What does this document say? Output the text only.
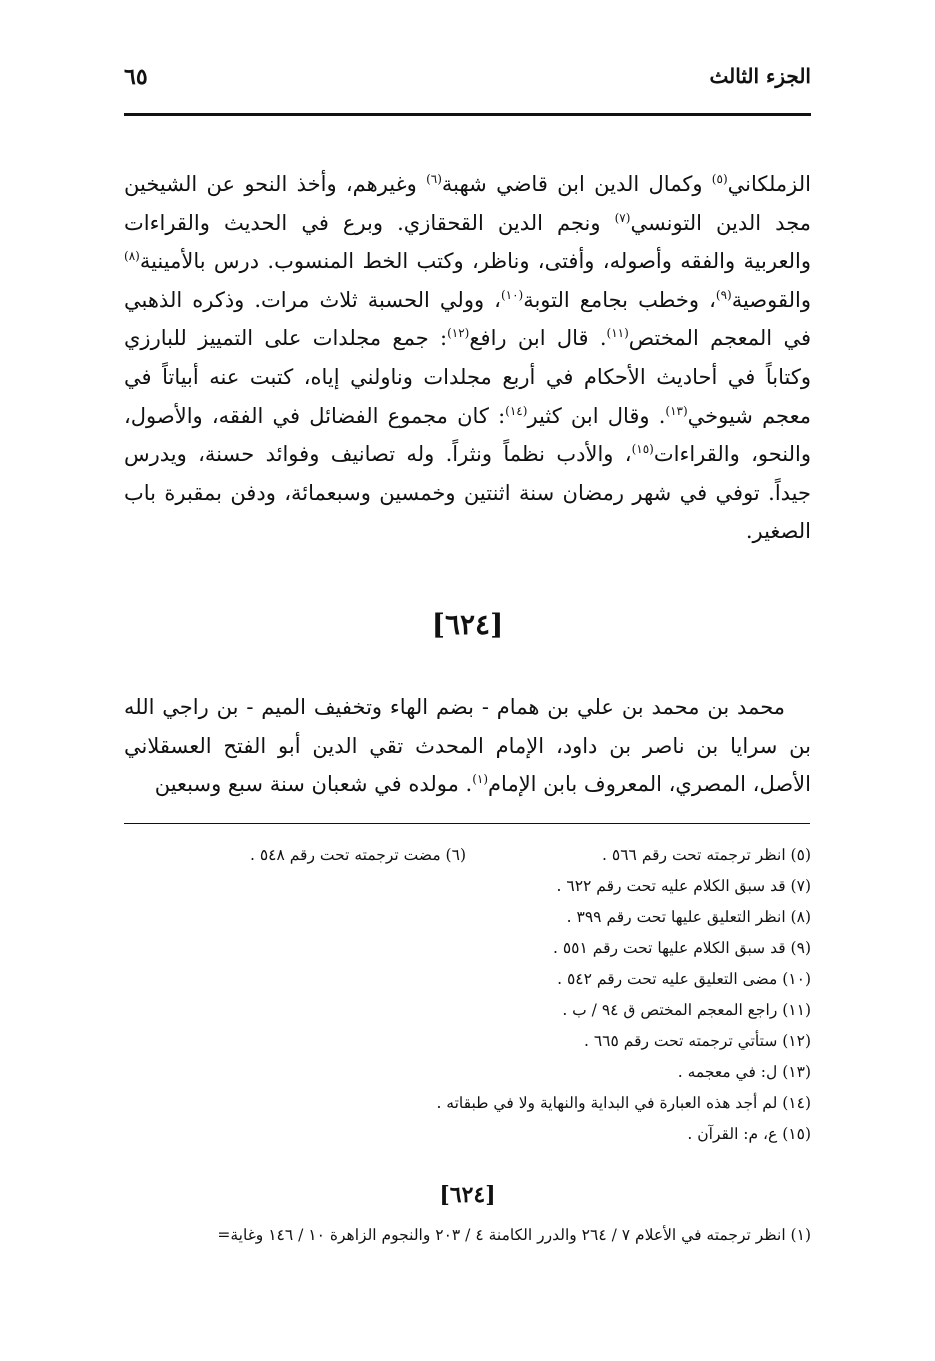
الجزء الثالث
٦٥

الزملكاني$^{(٥)}$ وكمال الدين ابن قاضي شهبة$^{(٦)}$ وغيرهم، وأخذ النحو عن الشيخين مجد الدين التونسي$^{(٧)}$ ونجم الدين القحقازي. وبرع في الحديث والقراءات والعربية والفقه وأصوله، وأفتى، وناظر، وكتب الخط المنسوب. درس بالأمينية$^{(٨)}$ والقوصية$^{(٩)}$، وخطب بجامع التوبة$^{(١٠)}$، وولي الحسبة ثلاث مرات. وذكره الذهبي في المعجم المختص$^{(١١)}$. قال ابن رافع$^{(١٢)}$: جمع مجلدات على التمييز للبارزي وكتاباً في أحاديث الأحكام في أربع مجلدات وناولني إياه، كتبت عنه أبياتاً في معجم شيوخي$^{(١٣)}$. وقال ابن كثير$^{(١٤)}$: كان مجموع الفضائل في الفقه، والأصول، والنحو، والقراءات$^{(١٥)}$، والأدب نظماً ونثراً. وله تصانيف وفوائد حسنة، ويدرس جيداً. توفي في شهر رمضان سنة اثنتين وخمسين وسبعمائة، ودفن بمقبرة باب الصغير.

[٦٢٤]

محمد بن محمد بن علي بن همام - بضم الهاء وتخفيف الميم - بن راجي الله بن سرايا بن ناصر بن داود، الإمام المحدث تقي الدين أبو الفتح العسقلاني الأصل، المصري، المعروف بابن الإمام$^{(١)}$. مولده في شعبان سنة سبع وسبعين

(٥) انظر ترجمته تحت رقم ٥٦٦ .
(٦) مضت ترجمته تحت رقم ٥٤٨ .
(٧) قد سبق الكلام عليه تحت رقم ٦٢٢ .
(٨) انظر التعليق عليها تحت رقم ٣٩٩ .
(٩) قد سبق الكلام عليها تحت رقم ٥٥١ .
(١٠) مضى التعليق عليه تحت رقم ٥٤٢ .
(١١) راجع المعجم المختص ق ٩٤ / ب .
(١٢) ستأتي ترجمته تحت رقم ٦٦٥ .
(١٣) ل: في معجمه .
(١٤) لم أجد هذه العبارة في البداية والنهاية ولا في طبقاته .
(١٥) ع، م: القرآن .
[٦٢٤]
(١) انظر ترجمته في الأعلام ٧ / ٢٦٤ والدرر الكامنة ٤ / ٢٠٣ والنجوم الزاهرة ١٠ / ١٤٦ وغاية=
